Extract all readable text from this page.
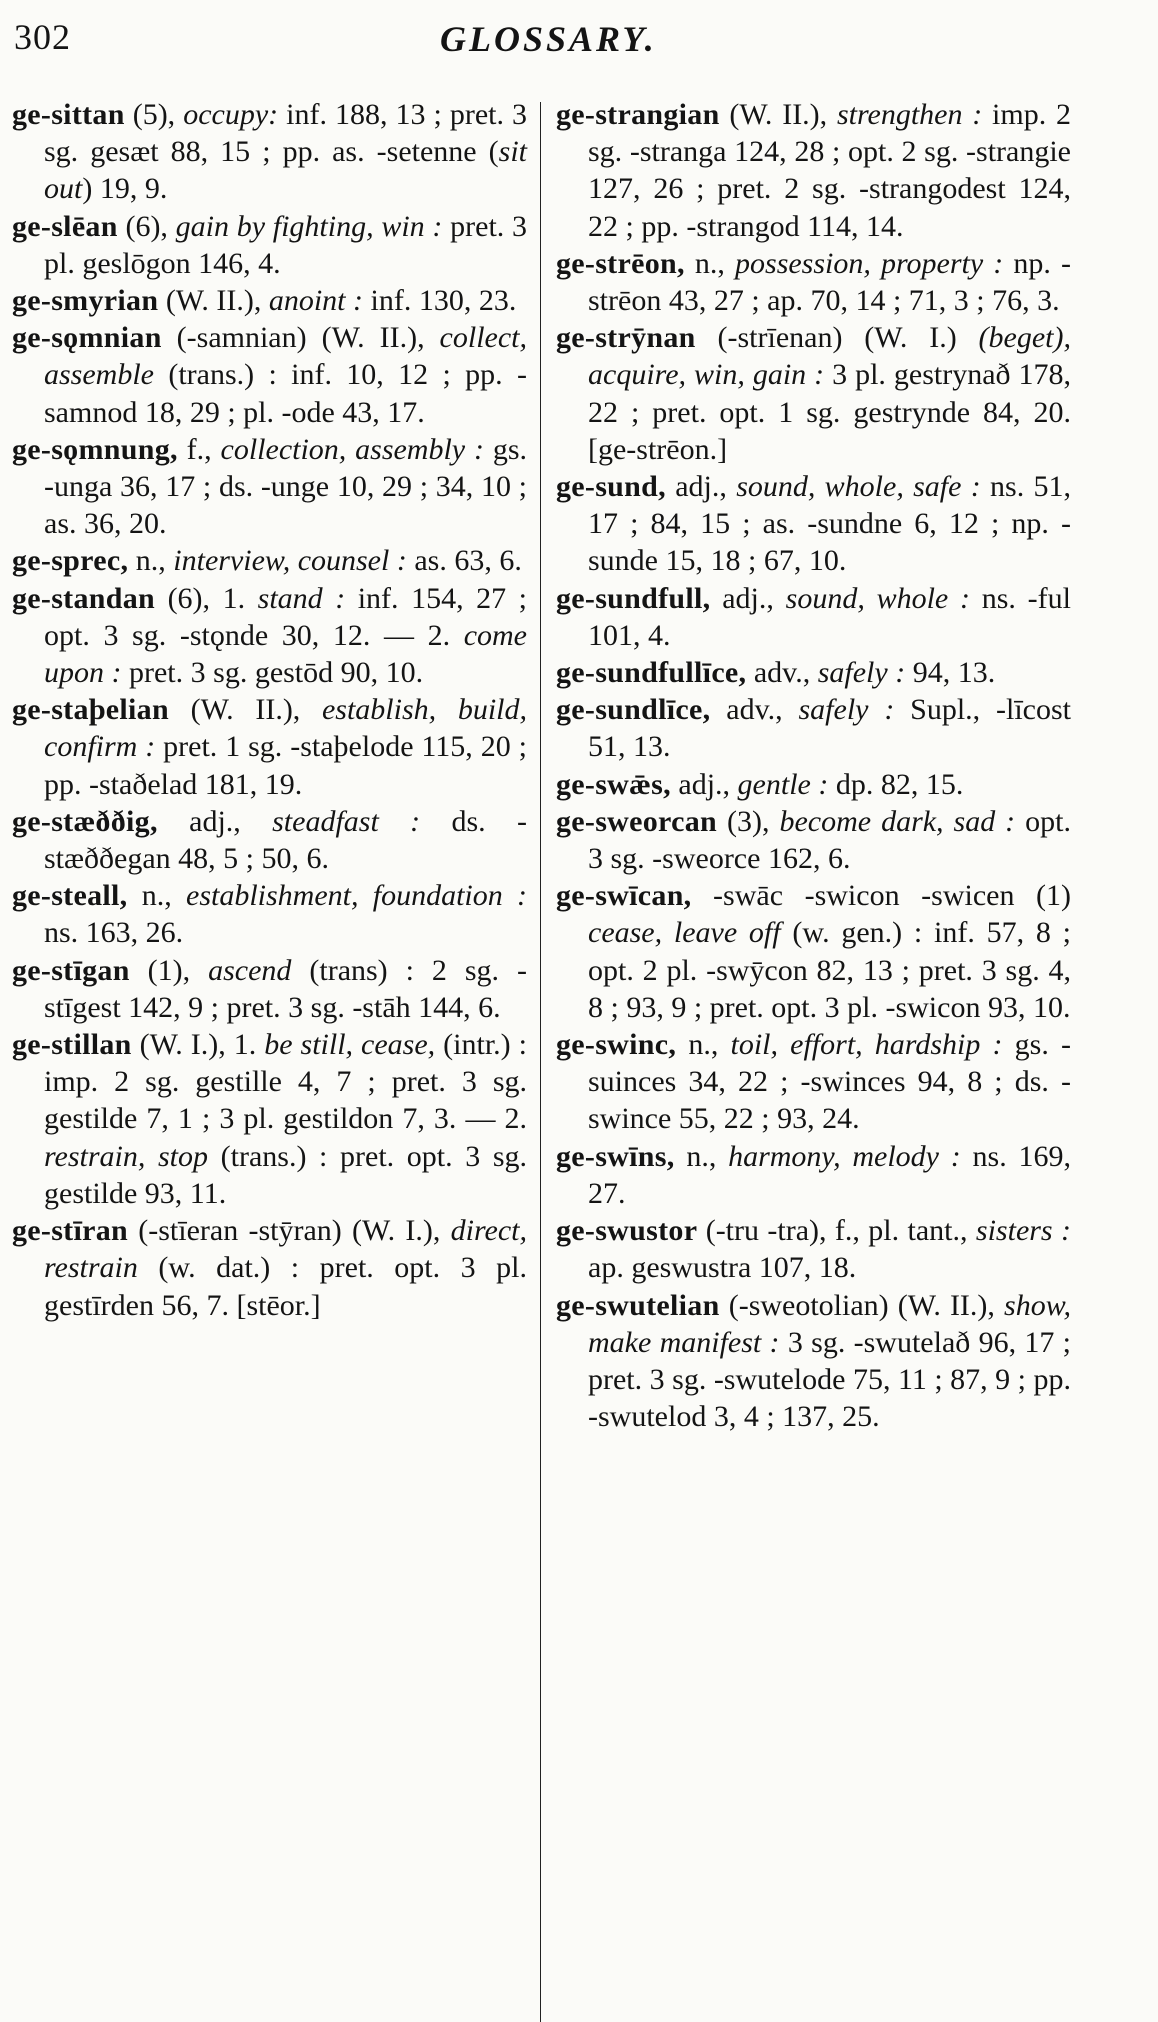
302	GLOSSARY.

ge-sittan (5), occupy: inf. 188, 13 ; pret. 3 sg. gesæt 88, 15 ; pp. as. -setenne (sit out) 19, 9.

ge-slēan (6), gain by fighting, win : pret. 3 pl. geslōgon 146, 4.

ge-smyrian (W. II.), anoint : inf. 130, 23.

ge-sǫmnian (-samnian) (W. II.), collect, assemble (trans.) : inf. 10, 12 ; pp. -samnod 18, 29 ; pl. -ode 43, 17.

ge-sǫmnung, f., collection, assembly : gs. -unga 36, 17 ; ds. -unge 10, 29 ; 34, 10 ; as. 36, 20.

ge-sprec, n., interview, counsel : as. 63, 6.

ge-standan (6), 1. stand : inf. 154, 27 ; opt. 3 sg. -stǫnde 30, 12. — 2. come upon : pret. 3 sg. gestōd 90, 10.

ge-staþelian (W. II.), establish, build, confirm : pret. 1 sg. -staþelode 115, 20 ; pp. -staðelad 181, 19.

ge-stæððig, adj., steadfast : ds. -stæððegan 48, 5 ; 50, 6.

ge-steall, n., establishment, foundation : ns. 163, 26.

ge-stīgan (1), ascend (trans) : 2 sg. -stīgest 142, 9 ; pret. 3 sg. -stāh 144, 6.

ge-stillan (W. I.), 1. be still, cease, (intr.) : imp. 2 sg. gestille 4, 7 ; pret. 3 sg. gestilde 7, 1 ; 3 pl. gestildon 7, 3. — 2. restrain, stop (trans.) : pret. opt. 3 sg. gestilde 93, 11.

ge-stīran (-stīeran -stȳran) (W. I.), direct, restrain (w. dat.) : pret. opt. 3 pl. gestīrden 56, 7. [stēor.]

ge-strangian (W. II.), strengthen : imp. 2 sg. -stranga 124, 28 ; opt. 2 sg. -strangie 127, 26 ; pret. 2 sg. -strangodest 124, 22 ; pp. -strangod 114, 14.

ge-strēon, n., possession, property : np. -strēon 43, 27 ; ap. 70, 14 ; 71, 3 ; 76, 3.

ge-strȳnan (-strīenan) (W. I.) (beget), acquire, win, gain : 3 pl. gestrynað 178, 22 ; pret. opt. 1 sg. gestrynde 84, 20. [ge-strēon.]

ge-sund, adj., sound, whole, safe : ns. 51, 17 ; 84, 15 ; as. -sundne 6, 12 ; np. -sunde 15, 18 ; 67, 10.

ge-sundfull, adj., sound, whole : ns. -ful 101, 4.

ge-sundfullīce, adv., safely : 94, 13.

ge-sundlīce, adv., safely : Supl., -līcost 51, 13.

ge-swǣs, adj., gentle : dp. 82, 15.

ge-sweorcan (3), become dark, sad : opt. 3 sg. -sweorce 162, 6.

ge-swīcan, -swāc -swicon -swicen (1) cease, leave off (w. gen.) : inf. 57, 8 ; opt. 2 pl. -swȳcon 82, 13 ; pret. 3 sg. 4, 8 ; 93, 9 ; pret. opt. 3 pl. -swicon 93, 10.

ge-swinc, n., toil, effort, hardship : gs. -suinces 34, 22 ; -swinces 94, 8 ; ds. -swince 55, 22 ; 93, 24.

ge-swīns, n., harmony, melody : ns. 169, 27.

ge-swustor (-tru -tra), f., pl. tant., sisters : ap. geswustra 107, 18.

ge-swutelian (-sweotolian) (W. II.), show, make manifest : 3 sg. -swutelað 96, 17 ; pret. 3 sg. -swutelode 75, 11 ; 87, 9 ; pp. -swutelod 3, 4 ; 137, 25.
